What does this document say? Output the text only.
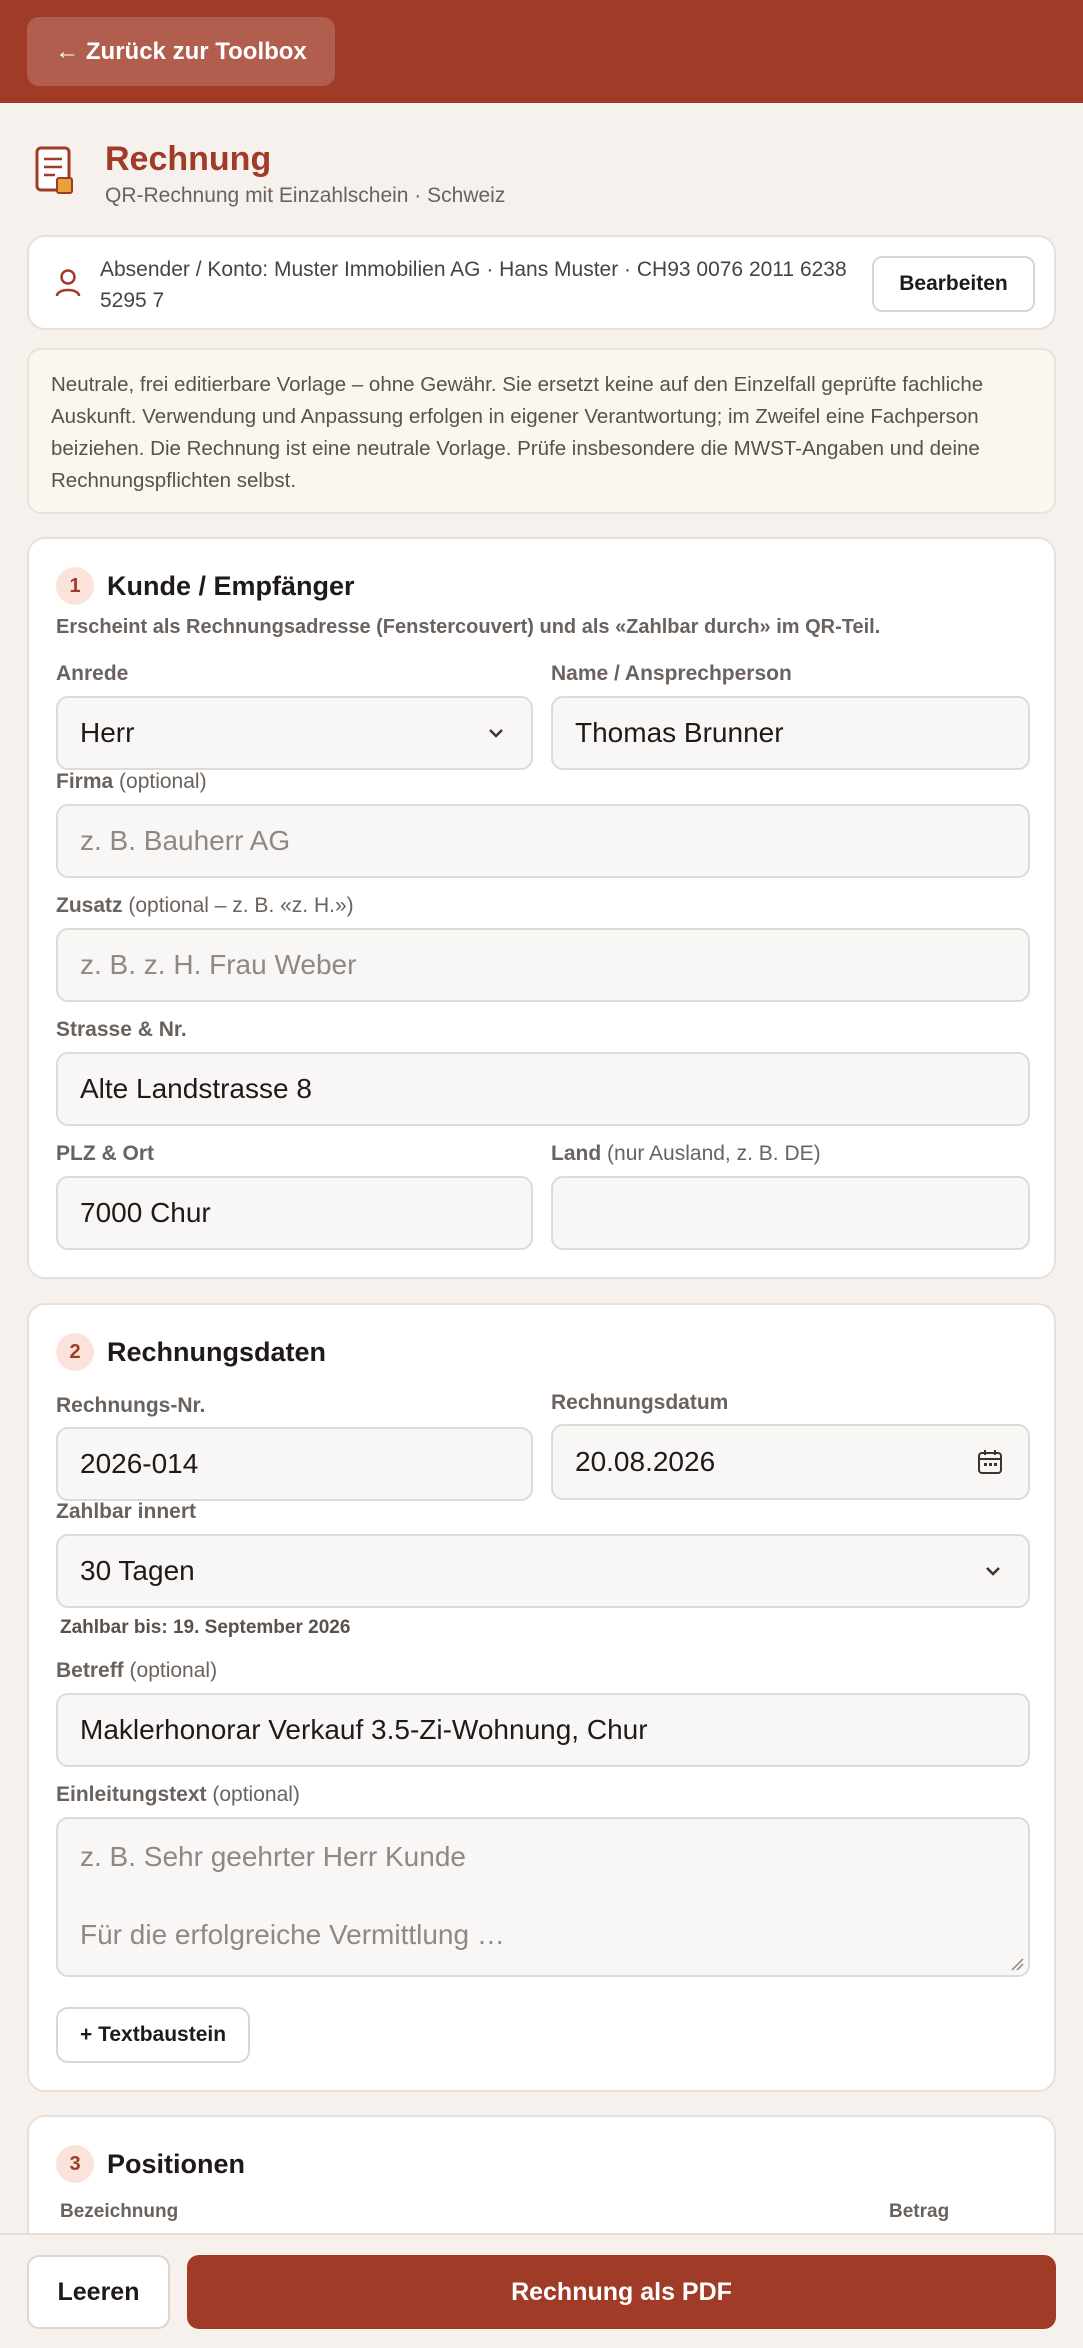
← Zurück zur Toolbox
Rechnung
QR-Rechnung mit Einzahlschein · Schweiz
Absender / Konto: Muster Immobilien AG · Hans Muster · CH93 0076 2011 6238 5295 7
Bearbeiten
Neutrale, frei editierbare Vorlage – ohne Gewähr. Sie ersetzt keine auf den Einzelfall geprüfte fachliche Auskunft. Verwendung und Anpassung erfolgen in eigener Verantwortung; im Zweifel eine Fachperson beiziehen. Die Rechnung ist eine neutrale Vorlage. Prüfe insbesondere die MWST-Angaben und deine Rechnungspflichten selbst.
1 Kunde / Empfänger
Erscheint als Rechnungsadresse (Fenstercouvert) und als «Zahlbar durch» im QR-Teil.
Anrede
Herr
Name / Ansprechperson
Thomas Brunner
Firma (optional)
z. B. Bauherr AG
Zusatz (optional – z. B. «z. H.»)
z. B. z. H. Frau Weber
Strasse & Nr.
Alte Landstrasse 8
PLZ & Ort
7000 Chur
Land (nur Ausland, z. B. DE)
2 Rechnungsdaten
Rechnungs-Nr.
2026-014
Rechnungsdatum
20.08.2026
Zahlbar innert
30 Tagen
Zahlbar bis: 19. September 2026
Betreff (optional)
Maklerhonorar Verkauf 3.5-Zi-Wohnung, Chur
Einleitungstext (optional)
z. B. Sehr geehrter Herr Kunde
Für die erfolgreiche Vermittlung …
+ Textbaustein
3 Positionen
Bezeichnung	Betrag
Leeren	Rechnung als PDF
